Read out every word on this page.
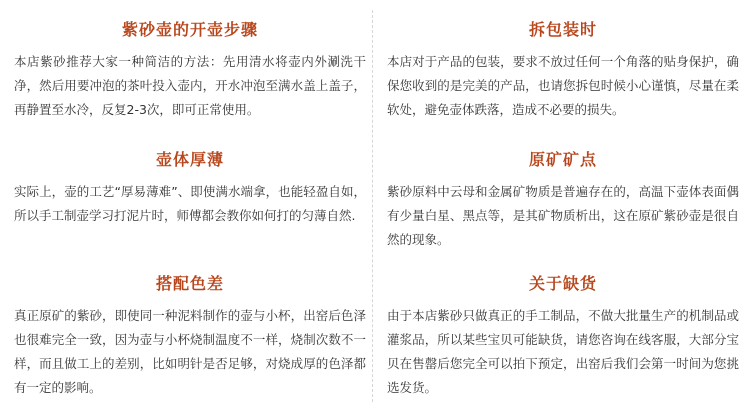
紫砂壶的开壶步骤

本店紫砂推荐大家一种简洁的方法：先用清水将壶内外涮洗干净，然后用要冲泡的茶叶投入壶内，开水冲泡至满水盖上盖子，再静置至水冷，反复2-3次，即可正常使用。

壶体厚薄

实际上，壶的工艺“厚易薄难”、即使满水端拿，也能轻盈自如，所以手工制壶学习打泥片时，师傅都会教你如何打的匀薄自然.

搭配色差

真正原矿的紫砂，即使同一种泥料制作的壶与小杯，出窑后色泽也很难完全一致，因为壶与小杯烧制温度不一样，烧制次数不一样，而且做工上的差别，比如明针是否足够，对烧成厚的色泽都有一定的影响。

拆包装时

本店对于产品的包装，要求不放过任何一个角落的贴身保护，确保您收到的是完美的产品，也请您拆包时候小心谨慎，尽量在柔软处，避免壶体跌落，造成不必要的损失。

原矿矿点

紫砂原料中云母和金属矿物质是普遍存在的，高温下壶体表面偶有少量白星、黑点等，是其矿物质析出，这在原矿紫砂壶是很自然的现象。

关于缺货

由于本店紫砂只做真正的手工制品，不做大批量生产的机制品或灌浆品，所以某些宝贝可能缺货，请您咨询在线客服，大部分宝贝在售罄后您完全可以拍下预定，出窑后我们会第一时间为您挑选发货。
